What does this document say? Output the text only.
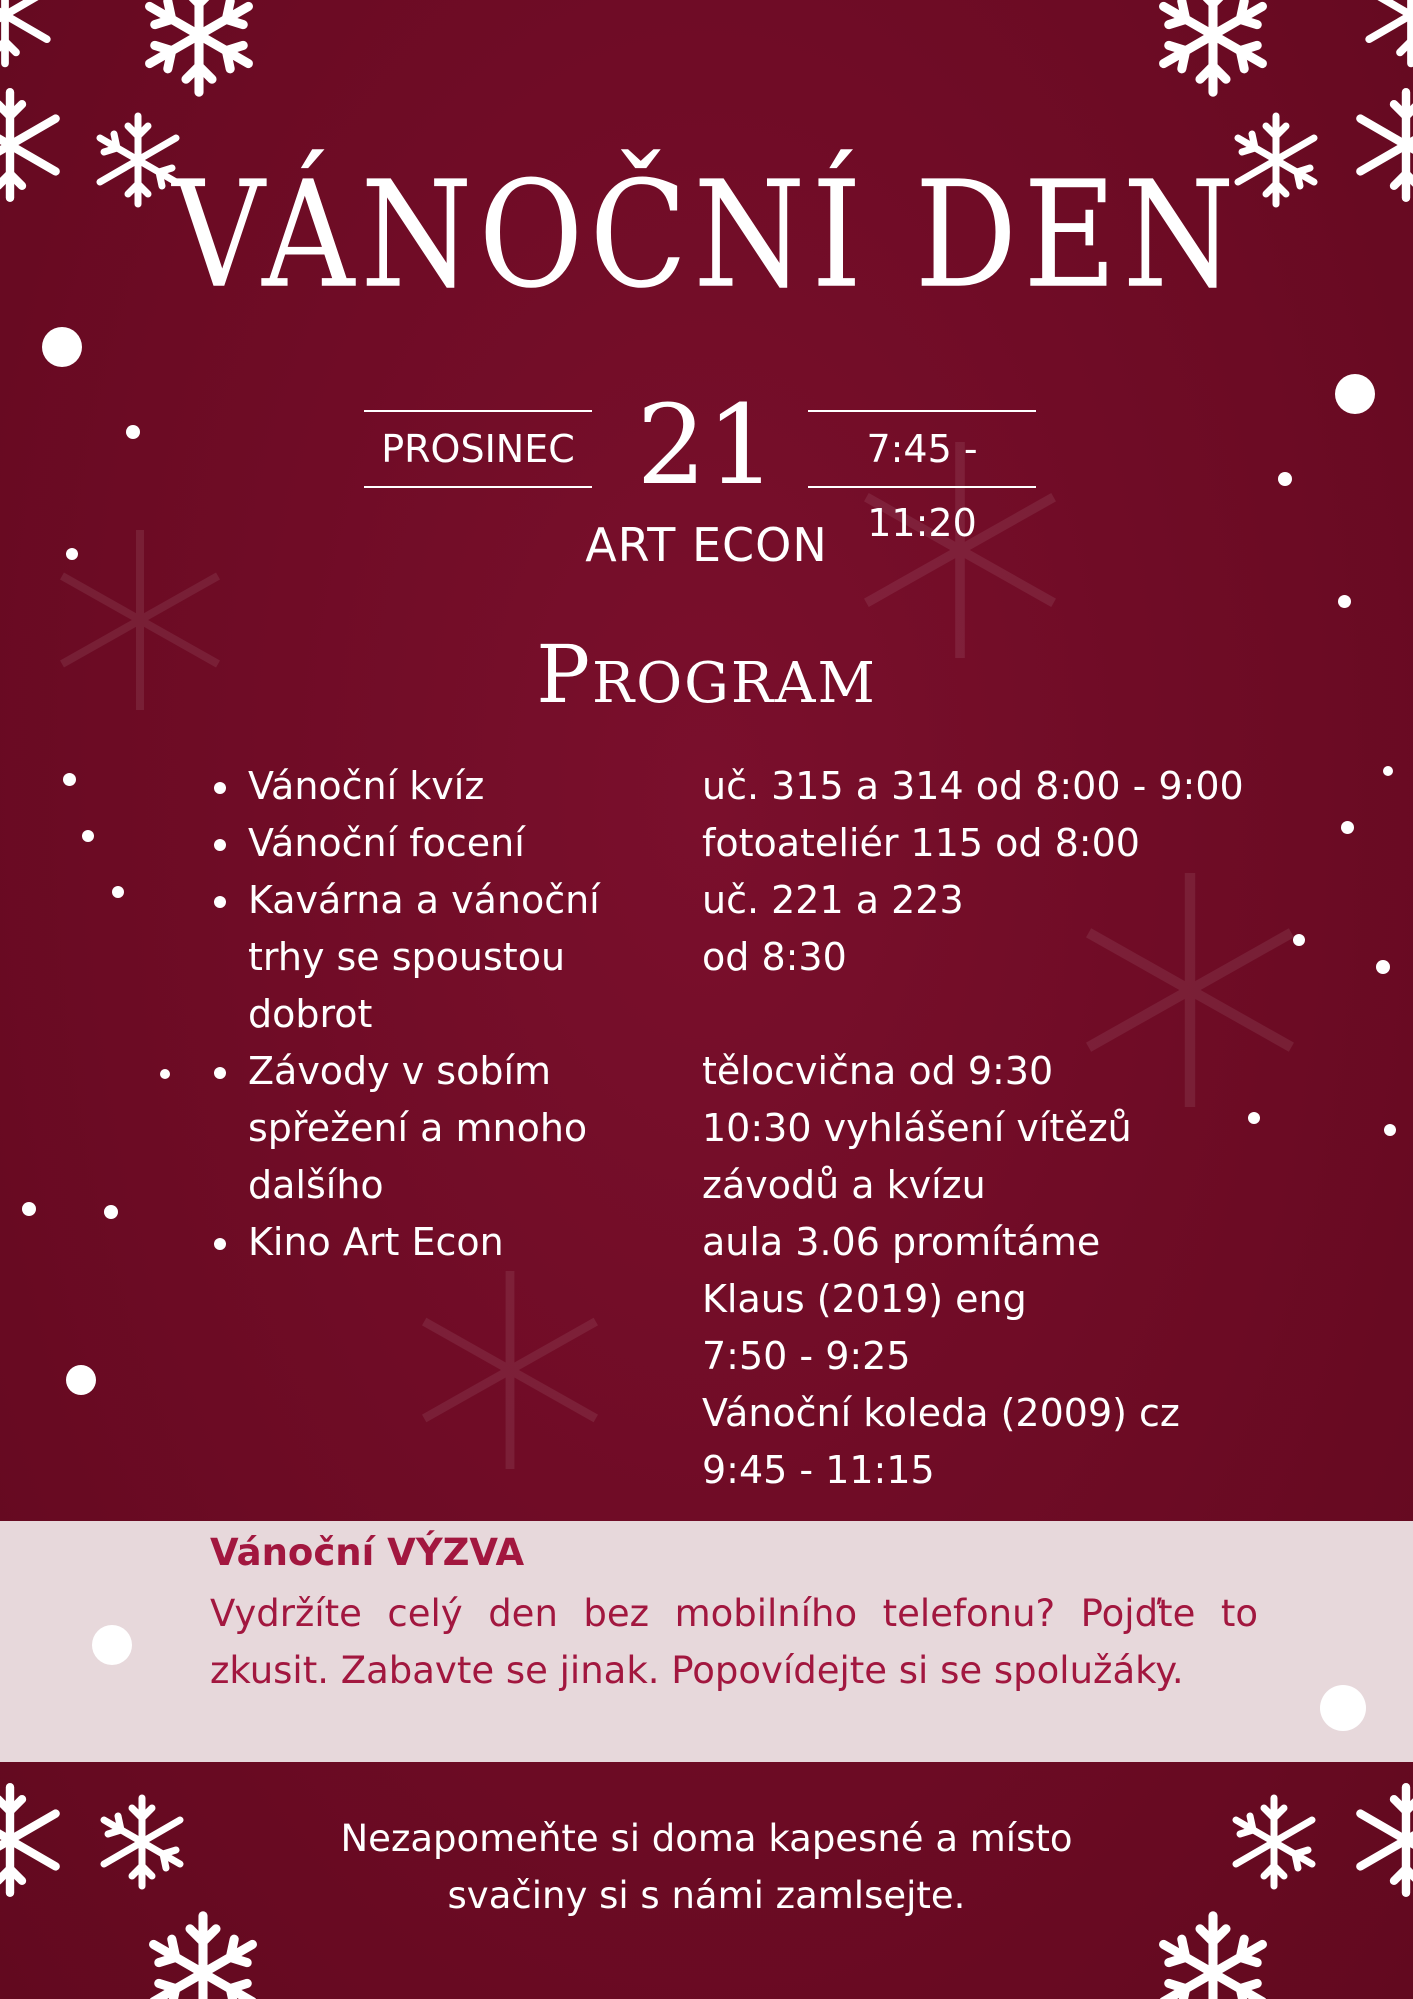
VÁNOČNÍ DEN
PROSINEC 21	7:45 - 11:20
ART ECON
Program
• Vánoční kvíz
• Vánoční focení
• Kavárna a vánoční trhy se spoustou dobrot
• Závody v sobím spřežení a mnoho dalšího
• Kino Art Econ
uč. 315 a 314 od 8:00 - 9:00
fotoateliér 115 od 8:00
uč. 221 a 223
od 8:30
tělocvična od 9:30
10:30 vyhlášení vítězů závodů a kvízu
aula 3.06 promítáme
Klaus (2019) eng
7:50 - 9:25
Vánoční koleda (2009) cz
9:45 - 11:15
Vánoční VÝZVA
Vydržíte celý den bez mobilního telefonu? Pojďte to zkusit. Zabavte se jinak. Popovídejte si se spolužáky.
Nezapomeňte si doma kapesné a místo
svačiny si s námi zamlsejte.
